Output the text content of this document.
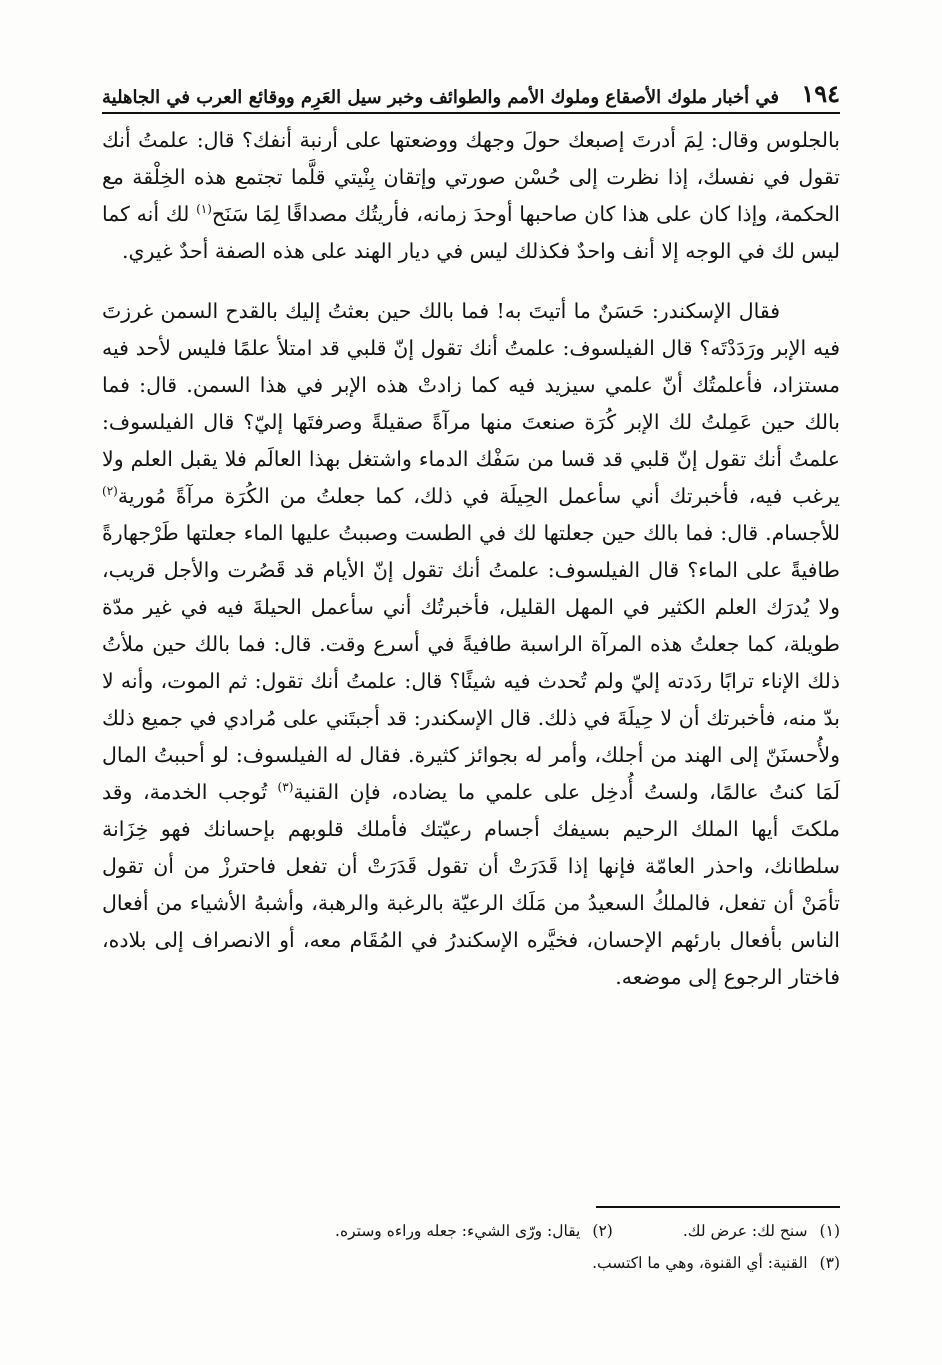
١٩٤
في أخبار ملوك الأصقاع وملوك الأمم والطوائف وخبر سيل العَرِم ووقائع العرب في الجاهلية

بالجلوس وقال: لِمَ أدرتَ إصبعك حولَ وجهك ووضعتها على أرنبة أنفك؟ قال: علمتُ أنك تقول في نفسك، إذا نظرت إلى حُسْن صورتي وإتقان بِنْيتي قلَّما تجتمع هذه الخِلْقة مع الحكمة، وإذا كان على هذا كان صاحبها أوحدَ زمانه، فأريتُك مصداقًا لِمَا سَنَح$^{(١)}$ لك أنه كما ليس لك في الوجه إلا أنف واحدٌ فكذلك ليس في ديار الهند على هذه الصفة أحدٌ غيري.

فقال الإسكندر: حَسَنٌ ما أتيتَ به! فما بالك حين بعثتُ إليك بالقدح السمن غرزتَ فيه الإبر ورَدَدْتَه؟ قال الفيلسوف: علمتُ أنك تقول إنّ قلبي قد امتلأ علمًا فليس لأحد فيه مستزاد، فأعلمتُك أنّ علمي سيزيد فيه كما زادتْ هذه الإبر في هذا السمن. قال: فما بالك حين عَمِلتُ لك الإبر كُرَة صنعتَ منها مرآةً صقيلةً وصرفتَها إليّ؟ قال الفيلسوف: علمتُ أنك تقول إنّ قلبي قد قسا من سَفْك الدماء واشتغل بهذا العالَم فلا يقبل العلم ولا يرغب فيه، فأخبرتك أني سأعمل الحِيلَة في ذلك، كما جعلتُ من الكُرَة مرآةً مُورية$^{(٢)}$ للأجسام. قال: فما بالك حين جعلتها لك في الطست وصببتُ عليها الماء جعلتها طَرْجهارةً طافيةً على الماء؟ قال الفيلسوف: علمتُ أنك تقول إنّ الأيام قد قَصُرت والأجل قريب، ولا يُدرَك العلم الكثير في المهل القليل، فأخبرتُك أني سأعمل الحيلةَ فيه في غير مدّة طويلة، كما جعلتُ هذه المرآة الراسبة طافيةً في أسرع وقت. قال: فما بالك حين ملأتُ ذلك الإناء ترابًا ردَدته إليّ ولم تُحدث فيه شيئًا؟ قال: علمتُ أنك تقول: ثم الموت، وأنه لا بدّ منه، فأخبرتك أن لا حِيلَةَ في ذلك. قال الإسكندر: قد أجبتَني على مُرادي في جميع ذلك ولأُحسنَنّ إلى الهند من أجلك، وأمر له بجوائز كثيرة. فقال له الفيلسوف: لو أحببتُ المال لَمَا كنتُ عالمًا، ولستُ أُدخِل على علمي ما يضاده، فإن القنية$^{(٣)}$ تُوجب الخدمة، وقد ملكتَ أيها الملك الرحيم بسيفك أجسام رعيّتك فأملك قلوبهم بإحسانك فهو خِزَانة سلطانك، واحذر العامّة فإنها إذا قَدَرَتْ أن تقول قَدَرَتْ أن تفعل فاحترزْ من أن تقول تأمَنْ أن تفعل، فالملكُ السعيدُ من مَلَك الرعيّة بالرغبة والرهبة، وأشبهُ الأشياء من أفعال الناس بأفعال بارئهم الإحسان، فخيَّره الإسكندرُ في المُقَام معه، أو الانصراف إلى بلاده، فاختار الرجوع إلى موضعه.

(١)سنح لك: عرض لك.
(٢)يقال: ورّى الشيء: جعله وراءه وستره.
(٣)القنية: أي القنوة، وهي ما اكتسب.
